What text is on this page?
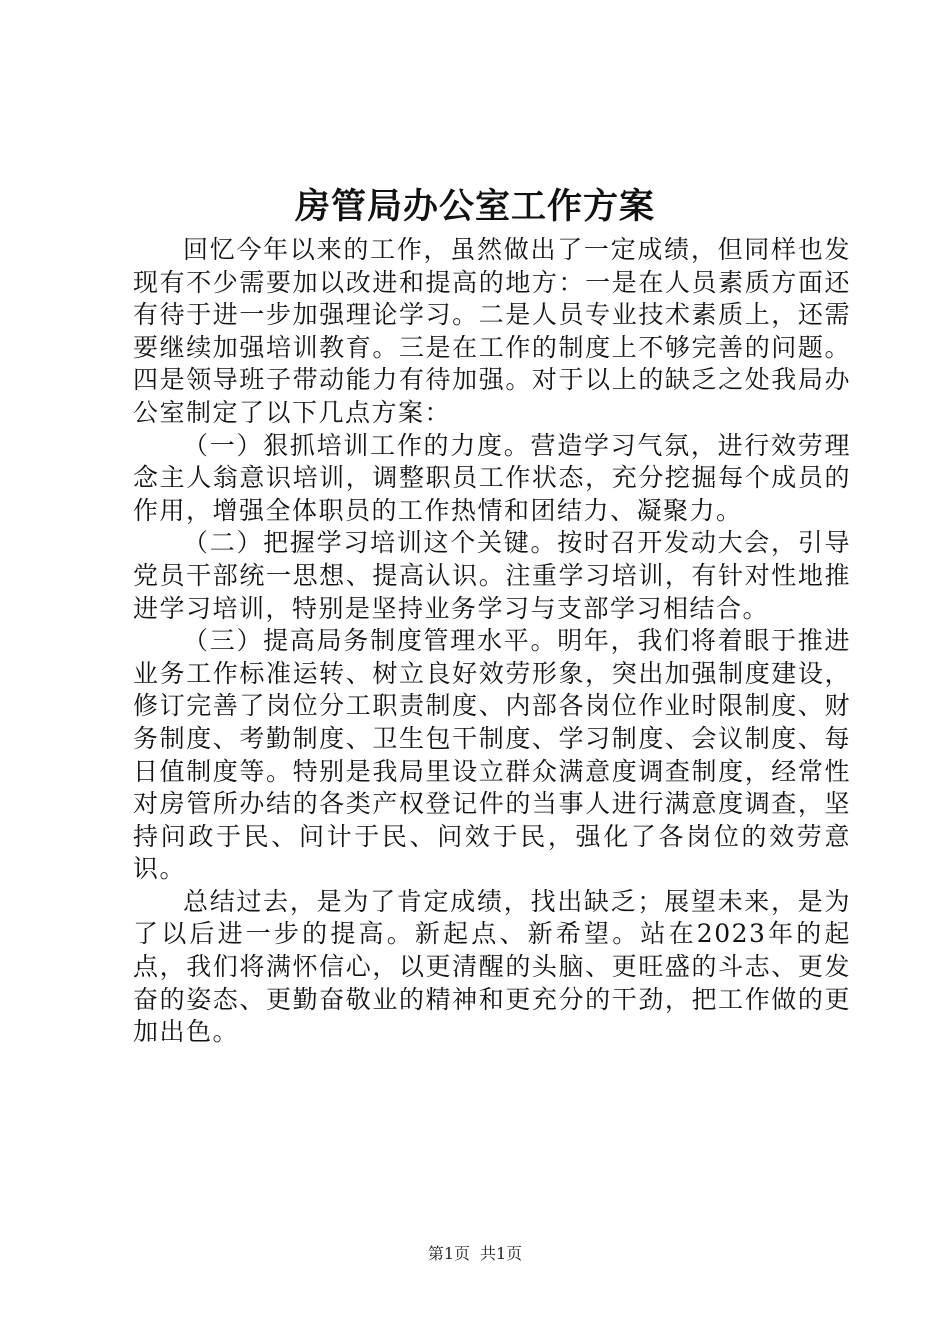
房管局办公室工作方案

回忆今年以来的工作，虽然做出了一定成绩，但同样也发现有不少需要加以改进和提高的地方：一是在人员素质方面还有待于进一步加强理论学习。二是人员专业技术素质上，还需要继续加强培训教育。三是在工作的制度上不够完善的问题。四是领导班子带动能力有待加强。对于以上的缺乏之处我局办公室制定了以下几点方案：

（一）狠抓培训工作的力度。营造学习气氛，进行效劳理念主人翁意识培训，调整职员工作状态，充分挖掘每个成员的作用，增强全体职员的工作热情和团结力、凝聚力。

（二）把握学习培训这个关键。按时召开发动大会，引导党员干部统一思想、提高认识。注重学习培训，有针对性地推进学习培训，特别是坚持业务学习与支部学习相结合。

（三）提高局务制度管理水平。明年，我们将着眼于推进业务工作标准运转、树立良好效劳形象，突出加强制度建设，修订完善了岗位分工职责制度、内部各岗位作业时限制度、财务制度、考勤制度、卫生包干制度、学习制度、会议制度、每日值制度等。特别是我局里设立群众满意度调查制度，经常性对房管所办结的各类产权登记件的当事人进行满意度调查，坚持问政于民、问计于民、问效于民，强化了各岗位的效劳意识。

总结过去，是为了肯定成绩，找出缺乏；展望未来，是为了以后进一步的提高。新起点、新希望。站在2023年的起点，我们将满怀信心，以更清醒的头脑、更旺盛的斗志、更发奋的姿态、更勤奋敬业的精神和更充分的干劲，把工作做的更加出色。

第1页 共1页
